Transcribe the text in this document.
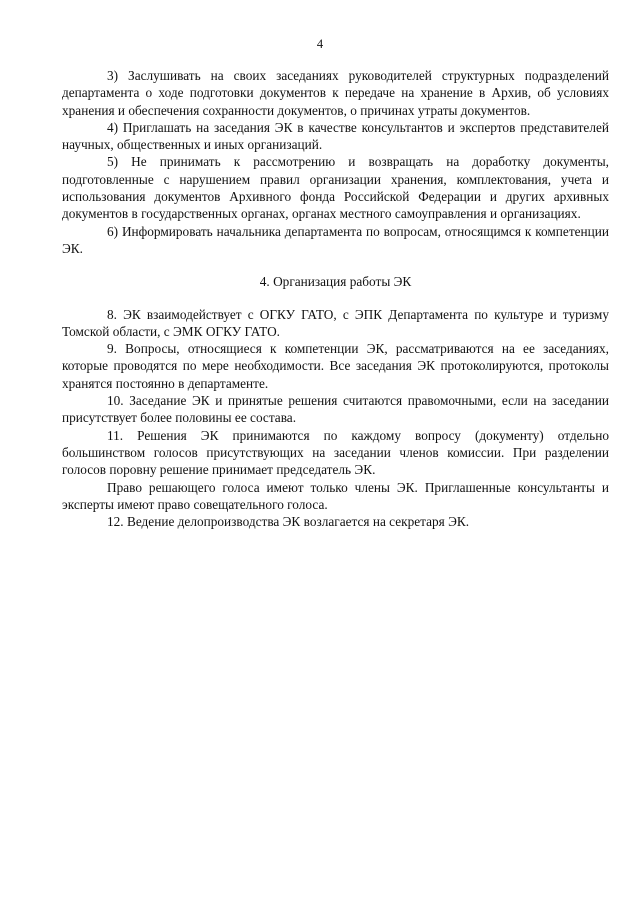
4

3) Заслушивать на своих заседаниях руководителей структурных подразделений департамента о ходе подготовки документов к передаче на хранение в Архив, об условиях хранения и обеспечения сохранности документов, о причинах утраты документов.

4) Приглашать на заседания ЭК в качестве консультантов и экспертов представителей научных, общественных и иных организаций.

5) Не принимать к рассмотрению и возвращать на доработку документы, подготовленные с нарушением правил организации хранения, комплектования, учета и использования документов Архивного фонда Российской Федерации и других архивных документов в государственных органах, органах местного самоуправления и организациях.

6) Информировать начальника департамента по вопросам, относящимся к компетенции ЭК.

4. Организация работы ЭК

8. ЭК взаимодействует с ОГКУ ГАТО, с ЭПК Департамента по культуре и туризму Томской области, с ЭМК ОГКУ ГАТО.

9. Вопросы, относящиеся к компетенции ЭК, рассматриваются на ее заседаниях, которые проводятся по мере необходимости. Все заседания ЭК протоколируются, протоколы хранятся постоянно в департаменте.

10. Заседание ЭК и принятые решения считаются правомочными, если на заседании присутствует более половины ее состава.

11. Решения ЭК принимаются по каждому вопросу (документу) отдельно большинством голосов присутствующих на заседании членов комиссии. При разделении голосов поровну решение принимает председатель ЭК.

Право решающего голоса имеют только члены ЭК. Приглашенные консультанты и эксперты имеют право совещательного голоса.

12. Ведение делопроизводства ЭК возлагается на секретаря ЭК.
